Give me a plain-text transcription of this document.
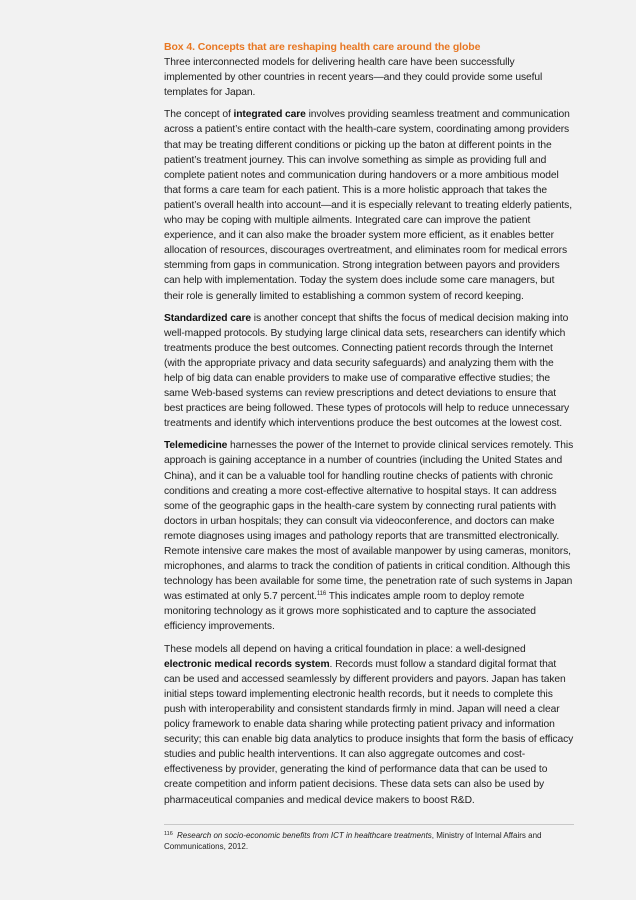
Box 4. Concepts that are reshaping health care around the globe

Three interconnected models for delivering health care have been successfully implemented by other countries in recent years—and they could provide some useful templates for Japan.

The concept of integrated care involves providing seamless treatment and communication across a patient’s entire contact with the health-care system, coordinating among providers that may be treating different conditions or picking up the baton at different points in the patient’s treatment journey. This can involve something as simple as providing full and complete patient notes and communication during handovers or a more ambitious model that forms a care team for each patient. This is a more holistic approach that takes the patient’s overall health into account—and it is especially relevant to treating elderly patients, who may be coping with multiple ailments. Integrated care can improve the patient experience, and it can also make the broader system more efficient, as it enables better allocation of resources, discourages overtreatment, and eliminates room for medical errors stemming from gaps in communication. Strong integration between payors and providers can help with implementation. Today the system does include some care managers, but their role is generally limited to establishing a common system of record keeping.

Standardized care is another concept that shifts the focus of medical decision making into well-mapped protocols. By studying large clinical data sets, researchers can identify which treatments produce the best outcomes. Connecting patient records through the Internet (with the appropriate privacy and data security safeguards) and analyzing them with the help of big data can enable providers to make use of comparative effective studies; the same Web-based systems can review prescriptions and detect deviations to ensure that best practices are being followed. These types of protocols will help to reduce unnecessary treatments and identify which interventions produce the best outcomes at the lowest cost.

Telemedicine harnesses the power of the Internet to provide clinical services remotely. This approach is gaining acceptance in a number of countries (including the United States and China), and it can be a valuable tool for handling routine checks of patients with chronic conditions and creating a more cost-effective alternative to hospital stays. It can address some of the geographic gaps in the health-care system by connecting rural patients with doctors in urban hospitals; they can consult via videoconference, and doctors can make remote diagnoses using images and pathology reports that are transmitted electronically. Remote intensive care makes the most of available manpower by using cameras, monitors, microphones, and alarms to track the condition of patients in critical condition. Although this technology has been available for some time, the penetration rate of such systems in Japan was estimated at only 5.7 percent.$^{116}$ This indicates ample room to deploy remote monitoring technology as it grows more sophisticated and to capture the associated efficiency improvements.

These models all depend on having a critical foundation in place: a well-designed electronic medical records system. Records must follow a standard digital format that can be used and accessed seamlessly by different providers and payors. Japan has taken initial steps toward implementing electronic health records, but it needs to complete this push with interoperability and consistent standards firmly in mind. Japan will need a clear policy framework to enable data sharing while protecting patient privacy and information security; this can enable big data analytics to produce insights that form the basis of efficacy studies and public health interventions. It can also aggregate outcomes and cost-effectiveness by provider, generating the kind of performance data that can be used to create competition and inform patient decisions. These data sets can also be used by pharmaceutical companies and medical device makers to boost R&D.

$^{116}$ Research on socio-economic benefits from ICT in healthcare treatments, Ministry of Internal Affairs and Communications, 2012.
